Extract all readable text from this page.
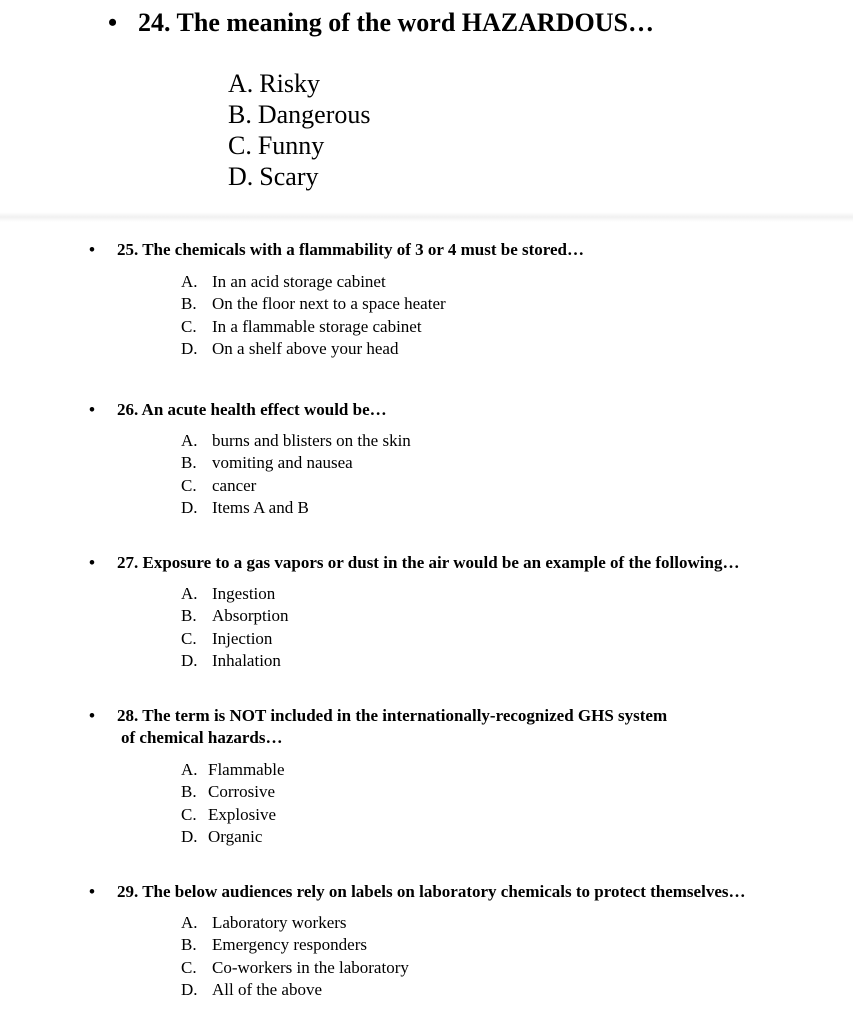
• 24. The meaning of the word HAZARDOUS…
A. Risky
B. Dangerous
C. Funny
D. Scary
• 25. The chemicals with a flammability of 3 or 4 must be stored…
A. In an acid storage cabinet
B. On the floor next to a space heater
C. In a flammable storage cabinet
D. On a shelf above your head
• 26. An acute health effect would be…
A. burns and blisters on the skin
B. vomiting and nausea
C. cancer
D. Items A and B
• 27. Exposure to a gas vapors or dust in the air would be an example of the following…
A. Ingestion
B. Absorption
C. Injection
D. Inhalation
• 28. The term is NOT included in the internationally-recognized GHS system
of chemical hazards…
A. Flammable
B. Corrosive
C. Explosive
D. Organic
• 29. The below audiences rely on labels on laboratory chemicals to protect themselves…
A. Laboratory workers
B. Emergency responders
C. Co-workers in the laboratory
D. All of the above
